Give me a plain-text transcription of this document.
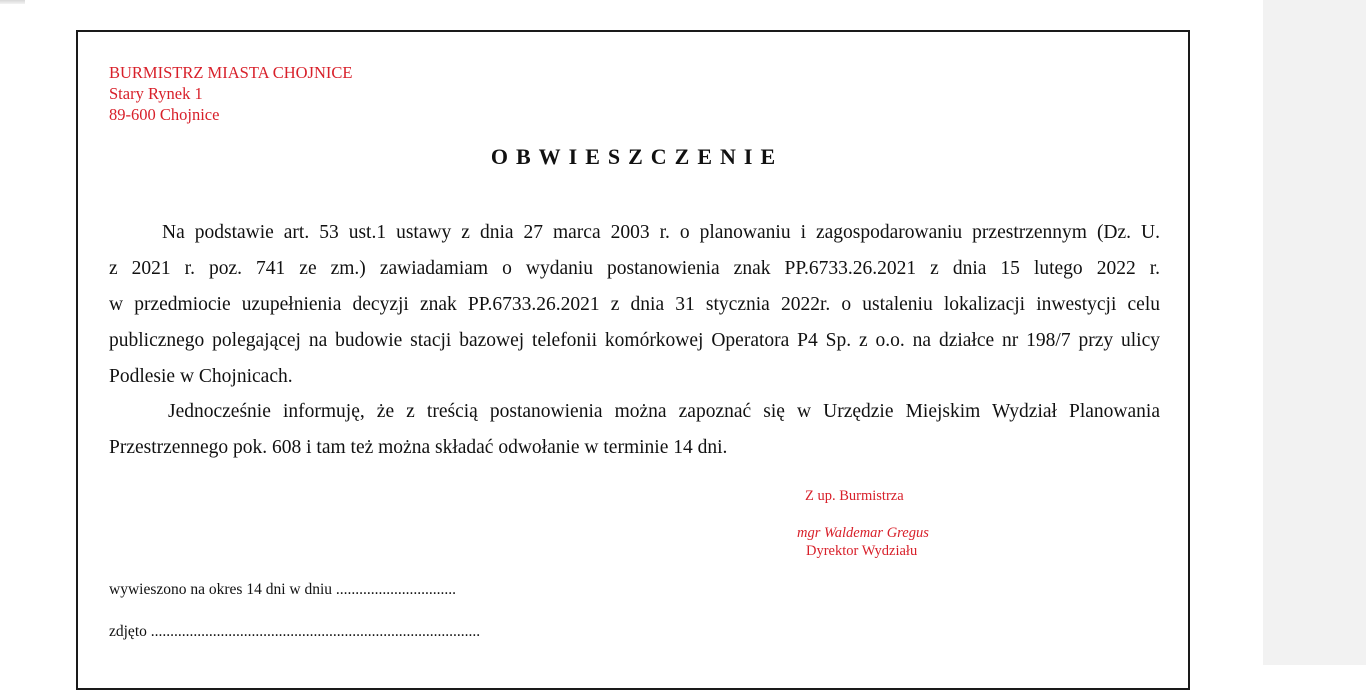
BURMISTRZ MIASTA CHOJNICE
Stary Rynek 1
89-600 Chojnice
OBWIESZCZENIE
Na podstawie art. 53 ust.1 ustawy z dnia 27 marca 2003 r. o planowaniu i zagospodarowaniu przestrzennym (Dz. U.
z 2021 r. poz. 741 ze zm.) zawiadamiam o wydaniu postanowienia znak PP.6733.26.2021 z dnia 15 lutego 2022 r.
w przedmiocie uzupełnienia decyzji znak PP.6733.26.2021 z dnia 31 stycznia 2022r. o ustaleniu lokalizacji inwestycji celu
publicznego polegającej na budowie stacji bazowej telefonii komórkowej Operatora P4 Sp. z o.o. na działce nr 198/7 przy ulicy
Podlesie w Chojnicach.
Jednocześnie informuję, że z treścią postanowienia można zapoznać się w Urzędzie Miejskim Wydział Planowania
Przestrzennego pok. 608 i tam też można składać odwołanie w terminie 14 dni.
Z up. Burmistrza
mgr Waldemar Gregus
Dyrektor Wydziału
wywieszono na okres 14 dni w dniu ...............................
zdjęto .....................................................................................
